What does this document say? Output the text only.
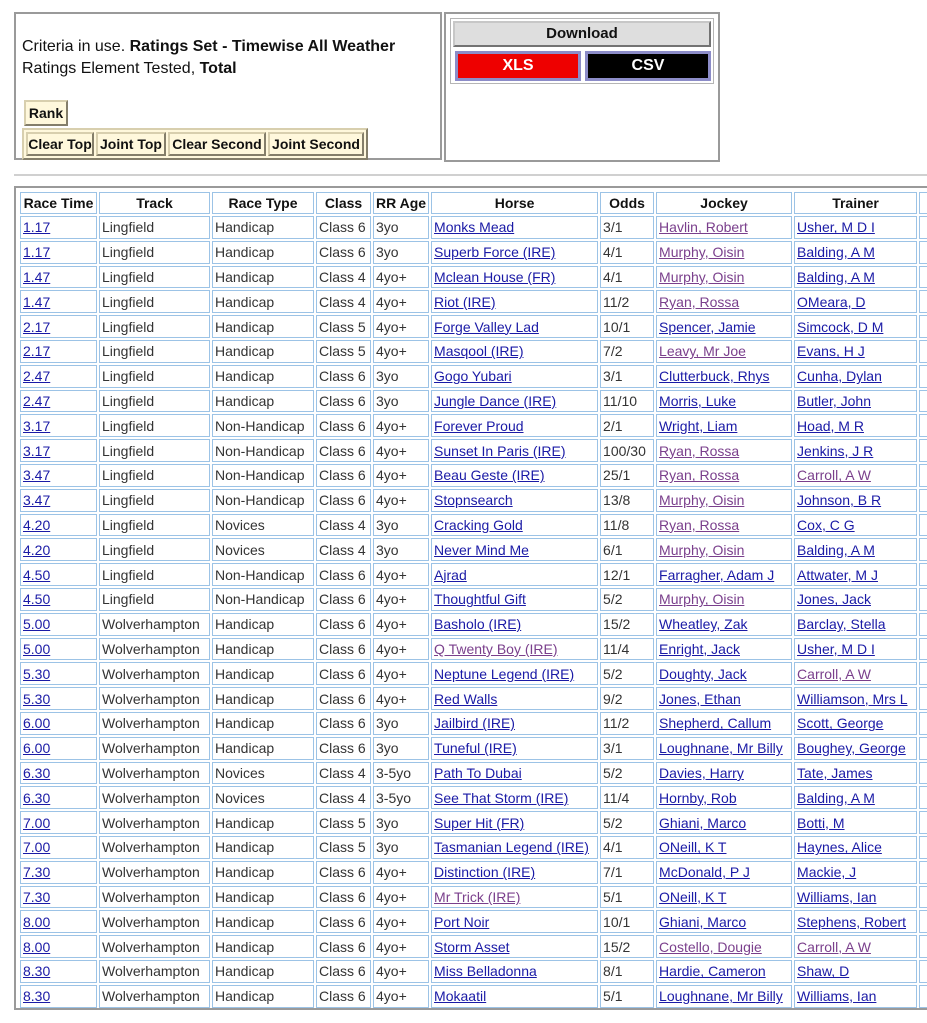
Criteria in use. Ratings Set - Timewise All Weather
Ratings Element Tested, Total
Rank
Clear Top Joint Top Clear Second Joint Second
Download
XLS	CSV
Race Time	Track	Race Type	Class	RR Age	Horse	Odds	Jockey	Trainer	
1.17	Lingfield	Handicap	Class 6	3yo	Monks Mead	3/1	Havlin, Robert	Usher, M D I	
1.17	Lingfield	Handicap	Class 6	3yo	Superb Force (IRE)	4/1	Murphy, Oisin	Balding, A M	
1.47	Lingfield	Handicap	Class 4	4yo+	Mclean House (FR)	4/1	Murphy, Oisin	Balding, A M	
1.47	Lingfield	Handicap	Class 4	4yo+	Riot (IRE)	11/2	Ryan, Rossa	OMeara, D	
2.17	Lingfield	Handicap	Class 5	4yo+	Forge Valley Lad	10/1	Spencer, Jamie	Simcock, D M	
2.17	Lingfield	Handicap	Class 5	4yo+	Masqool (IRE)	7/2	Leavy, Mr Joe	Evans, H J	
2.47	Lingfield	Handicap	Class 6	3yo	Gogo Yubari	3/1	Clutterbuck, Rhys	Cunha, Dylan	
2.47	Lingfield	Handicap	Class 6	3yo	Jungle Dance (IRE)	11/10	Morris, Luke	Butler, John	
3.17	Lingfield	Non-Handicap	Class 6	4yo+	Forever Proud	2/1	Wright, Liam	Hoad, M R	
3.17	Lingfield	Non-Handicap	Class 6	4yo+	Sunset In Paris (IRE)	100/30	Ryan, Rossa	Jenkins, J R	
3.47	Lingfield	Non-Handicap	Class 6	4yo+	Beau Geste (IRE)	25/1	Ryan, Rossa	Carroll, A W	
3.47	Lingfield	Non-Handicap	Class 6	4yo+	Stopnsearch	13/8	Murphy, Oisin	Johnson, B R	
4.20	Lingfield	Novices	Class 4	3yo	Cracking Gold	11/8	Ryan, Rossa	Cox, C G	
4.20	Lingfield	Novices	Class 4	3yo	Never Mind Me	6/1	Murphy, Oisin	Balding, A M	
4.50	Lingfield	Non-Handicap	Class 6	4yo+	Ajrad	12/1	Farragher, Adam J	Attwater, M J	
4.50	Lingfield	Non-Handicap	Class 6	4yo+	Thoughtful Gift	5/2	Murphy, Oisin	Jones, Jack	
5.00	Wolverhampton	Handicap	Class 6	4yo+	Basholo (IRE)	15/2	Wheatley, Zak	Barclay, Stella	
5.00	Wolverhampton	Handicap	Class 6	4yo+	Q Twenty Boy (IRE)	11/4	Enright, Jack	Usher, M D I	
5.30	Wolverhampton	Handicap	Class 6	4yo+	Neptune Legend (IRE)	5/2	Doughty, Jack	Carroll, A W	
5.30	Wolverhampton	Handicap	Class 6	4yo+	Red Walls	9/2	Jones, Ethan	Williamson, Mrs L	
6.00	Wolverhampton	Handicap	Class 6	3yo	Jailbird (IRE)	11/2	Shepherd, Callum	Scott, George	
6.00	Wolverhampton	Handicap	Class 6	3yo	Tuneful (IRE)	3/1	Loughnane, Mr Billy	Boughey, George	
6.30	Wolverhampton	Novices	Class 4	3-5yo	Path To Dubai	5/2	Davies, Harry	Tate, James	
6.30	Wolverhampton	Novices	Class 4	3-5yo	See That Storm (IRE)	11/4	Hornby, Rob	Balding, A M	
7.00	Wolverhampton	Handicap	Class 5	3yo	Super Hit (FR)	5/2	Ghiani, Marco	Botti, M	
7.00	Wolverhampton	Handicap	Class 5	3yo	Tasmanian Legend (IRE)	4/1	ONeill, K T	Haynes, Alice	
7.30	Wolverhampton	Handicap	Class 6	4yo+	Distinction (IRE)	7/1	McDonald, P J	Mackie, J	
7.30	Wolverhampton	Handicap	Class 6	4yo+	Mr Trick (IRE)	5/1	ONeill, K T	Williams, Ian	
8.00	Wolverhampton	Handicap	Class 6	4yo+	Port Noir	10/1	Ghiani, Marco	Stephens, Robert	
8.00	Wolverhampton	Handicap	Class 6	4yo+	Storm Asset	15/2	Costello, Dougie	Carroll, A W	
8.30	Wolverhampton	Handicap	Class 6	4yo+	Miss Belladonna	8/1	Hardie, Cameron	Shaw, D	
8.30	Wolverhampton	Handicap	Class 6	4yo+	Mokaatil	5/1	Loughnane, Mr Billy	Williams, Ian	
